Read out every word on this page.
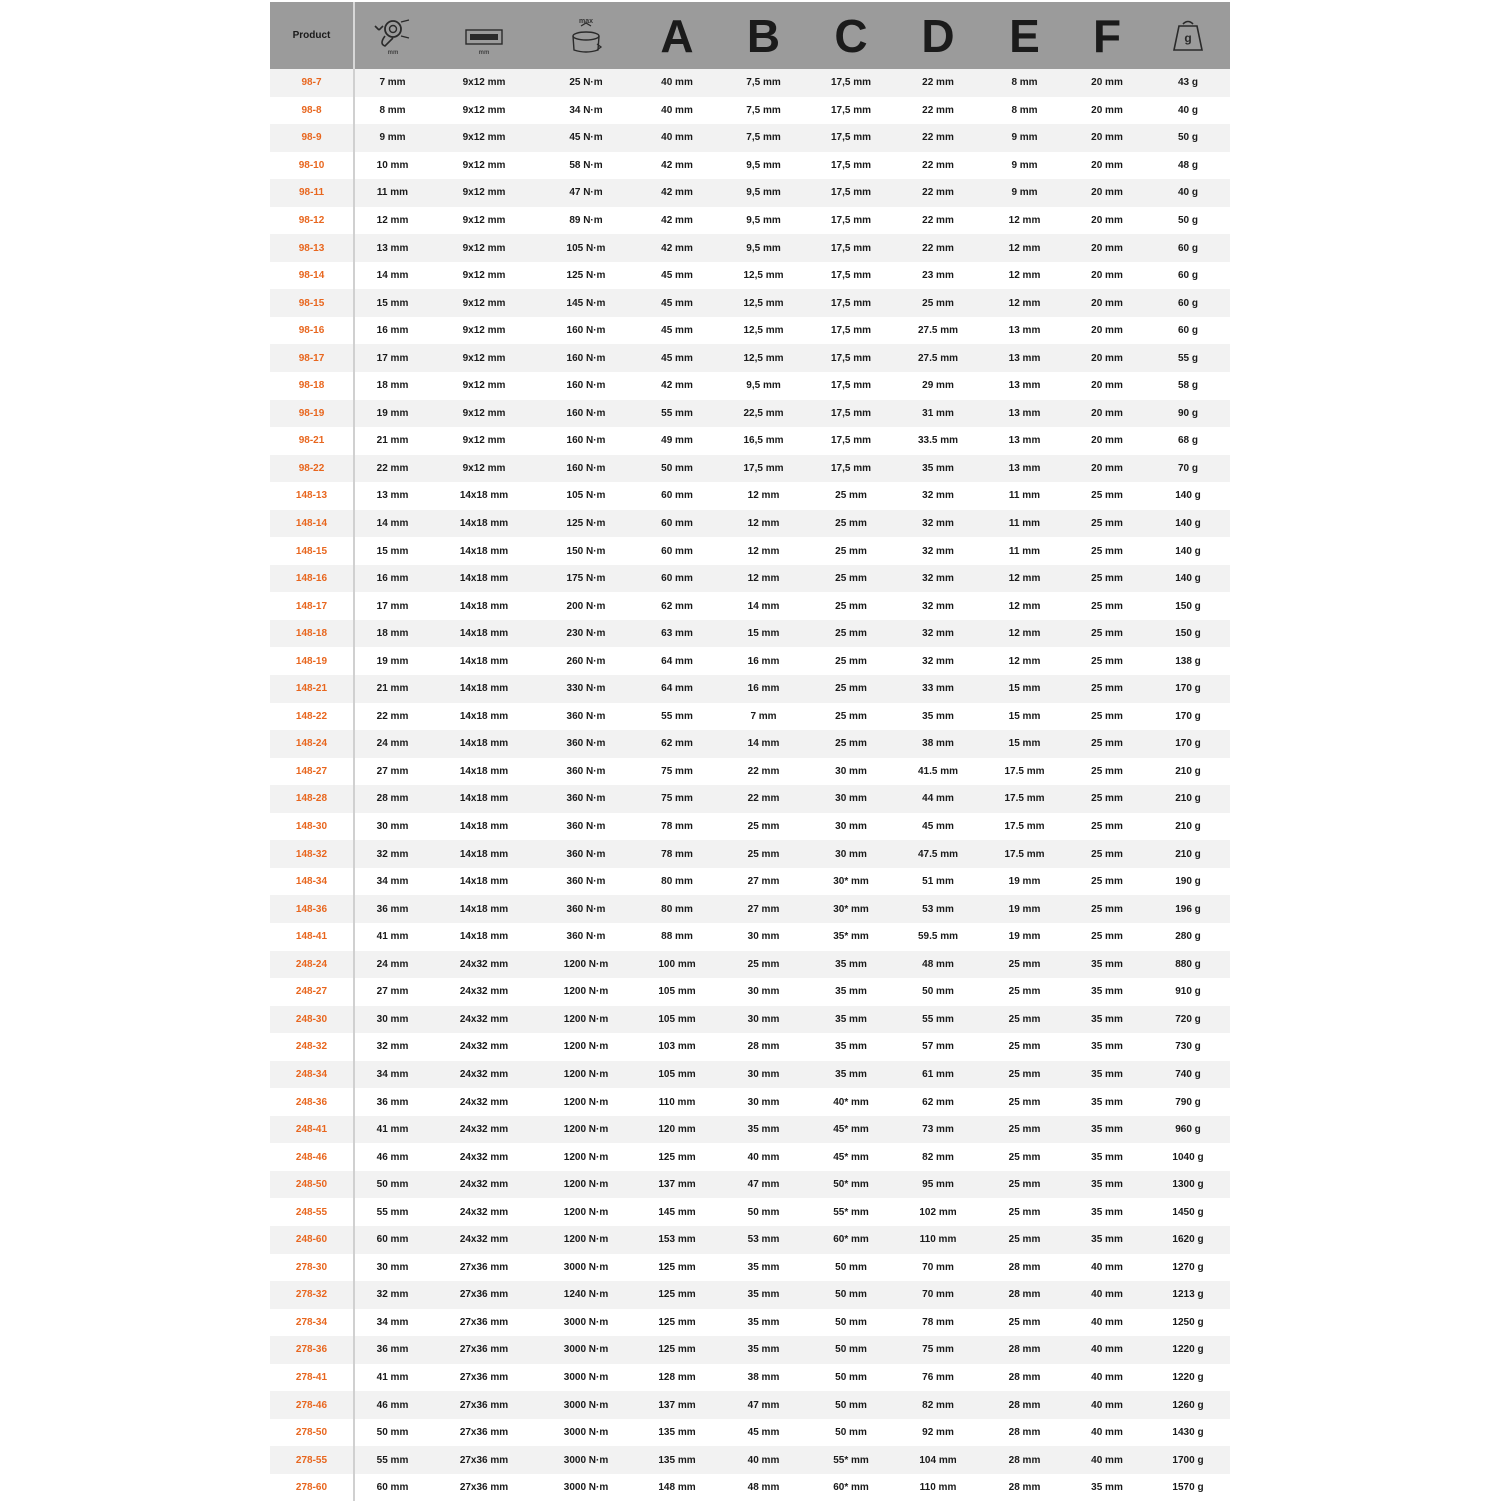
Product	mm	mm	max	A	B	C	D	E	F	g

98-7	7 mm	9x12 mm	25 N·m	40 mm	7,5 mm	17,5 mm	22 mm	8 mm	20 mm	43 g
98-8	8 mm	9x12 mm	34 N·m	40 mm	7,5 mm	17,5 mm	22 mm	8 mm	20 mm	40 g
98-9	9 mm	9x12 mm	45 N·m	40 mm	7,5 mm	17,5 mm	22 mm	9 mm	20 mm	50 g
98-10	10 mm	9x12 mm	58 N·m	42 mm	9,5 mm	17,5 mm	22 mm	9 mm	20 mm	48 g
98-11	11 mm	9x12 mm	47 N·m	42 mm	9,5 mm	17,5 mm	22 mm	9 mm	20 mm	40 g
98-12	12 mm	9x12 mm	89 N·m	42 mm	9,5 mm	17,5 mm	22 mm	12 mm	20 mm	50 g
98-13	13 mm	9x12 mm	105 N·m	42 mm	9,5 mm	17,5 mm	22 mm	12 mm	20 mm	60 g
98-14	14 mm	9x12 mm	125 N·m	45 mm	12,5 mm	17,5 mm	23 mm	12 mm	20 mm	60 g
98-15	15 mm	9x12 mm	145 N·m	45 mm	12,5 mm	17,5 mm	25 mm	12 mm	20 mm	60 g
98-16	16 mm	9x12 mm	160 N·m	45 mm	12,5 mm	17,5 mm	27.5 mm	13 mm	20 mm	60 g
98-17	17 mm	9x12 mm	160 N·m	45 mm	12,5 mm	17,5 mm	27.5 mm	13 mm	20 mm	55 g
98-18	18 mm	9x12 mm	160 N·m	42 mm	9,5 mm	17,5 mm	29 mm	13 mm	20 mm	58 g
98-19	19 mm	9x12 mm	160 N·m	55 mm	22,5 mm	17,5 mm	31 mm	13 mm	20 mm	90 g
98-21	21 mm	9x12 mm	160 N·m	49 mm	16,5 mm	17,5 mm	33.5 mm	13 mm	20 mm	68 g
98-22	22 mm	9x12 mm	160 N·m	50 mm	17,5 mm	17,5 mm	35 mm	13 mm	20 mm	70 g
148-13	13 mm	14x18 mm	105 N·m	60 mm	12 mm	25 mm	32 mm	11 mm	25 mm	140 g
148-14	14 mm	14x18 mm	125 N·m	60 mm	12 mm	25 mm	32 mm	11 mm	25 mm	140 g
148-15	15 mm	14x18 mm	150 N·m	60 mm	12 mm	25 mm	32 mm	11 mm	25 mm	140 g
148-16	16 mm	14x18 mm	175 N·m	60 mm	12 mm	25 mm	32 mm	12 mm	25 mm	140 g
148-17	17 mm	14x18 mm	200 N·m	62 mm	14 mm	25 mm	32 mm	12 mm	25 mm	150 g
148-18	18 mm	14x18 mm	230 N·m	63 mm	15 mm	25 mm	32 mm	12 mm	25 mm	150 g
148-19	19 mm	14x18 mm	260 N·m	64 mm	16 mm	25 mm	32 mm	12 mm	25 mm	138 g
148-21	21 mm	14x18 mm	330 N·m	64 mm	16 mm	25 mm	33 mm	15 mm	25 mm	170 g
148-22	22 mm	14x18 mm	360 N·m	55 mm	7 mm	25 mm	35 mm	15 mm	25 mm	170 g
148-24	24 mm	14x18 mm	360 N·m	62 mm	14 mm	25 mm	38 mm	15 mm	25 mm	170 g
148-27	27 mm	14x18 mm	360 N·m	75 mm	22 mm	30 mm	41.5 mm	17.5 mm	25 mm	210 g
148-28	28 mm	14x18 mm	360 N·m	75 mm	22 mm	30 mm	44 mm	17.5 mm	25 mm	210 g
148-30	30 mm	14x18 mm	360 N·m	78 mm	25 mm	30 mm	45 mm	17.5 mm	25 mm	210 g
148-32	32 mm	14x18 mm	360 N·m	78 mm	25 mm	30 mm	47.5 mm	17.5 mm	25 mm	210 g
148-34	34 mm	14x18 mm	360 N·m	80 mm	27 mm	30* mm	51 mm	19 mm	25 mm	190 g
148-36	36 mm	14x18 mm	360 N·m	80 mm	27 mm	30* mm	53 mm	19 mm	25 mm	196 g
148-41	41 mm	14x18 mm	360 N·m	88 mm	30 mm	35* mm	59.5 mm	19 mm	25 mm	280 g
248-24	24 mm	24x32 mm	1200 N·m	100 mm	25 mm	35 mm	48 mm	25 mm	35 mm	880 g
248-27	27 mm	24x32 mm	1200 N·m	105 mm	30 mm	35 mm	50 mm	25 mm	35 mm	910 g
248-30	30 mm	24x32 mm	1200 N·m	105 mm	30 mm	35 mm	55 mm	25 mm	35 mm	720 g
248-32	32 mm	24x32 mm	1200 N·m	103 mm	28 mm	35 mm	57 mm	25 mm	35 mm	730 g
248-34	34 mm	24x32 mm	1200 N·m	105 mm	30 mm	35 mm	61 mm	25 mm	35 mm	740 g
248-36	36 mm	24x32 mm	1200 N·m	110 mm	30 mm	40* mm	62 mm	25 mm	35 mm	790 g
248-41	41 mm	24x32 mm	1200 N·m	120 mm	35 mm	45* mm	73 mm	25 mm	35 mm	960 g
248-46	46 mm	24x32 mm	1200 N·m	125 mm	40 mm	45* mm	82 mm	25 mm	35 mm	1040 g
248-50	50 mm	24x32 mm	1200 N·m	137 mm	47 mm	50* mm	95 mm	25 mm	35 mm	1300 g
248-55	55 mm	24x32 mm	1200 N·m	145 mm	50 mm	55* mm	102 mm	25 mm	35 mm	1450 g
248-60	60 mm	24x32 mm	1200 N·m	153 mm	53 mm	60* mm	110 mm	25 mm	35 mm	1620 g
278-30	30 mm	27x36 mm	3000 N·m	125 mm	35 mm	50 mm	70 mm	28 mm	40 mm	1270 g
278-32	32 mm	27x36 mm	1240 N·m	125 mm	35 mm	50 mm	70 mm	28 mm	40 mm	1213 g
278-34	34 mm	27x36 mm	3000 N·m	125 mm	35 mm	50 mm	78 mm	25 mm	40 mm	1250 g
278-36	36 mm	27x36 mm	3000 N·m	125 mm	35 mm	50 mm	75 mm	28 mm	40 mm	1220 g
278-41	41 mm	27x36 mm	3000 N·m	128 mm	38 mm	50 mm	76 mm	28 mm	40 mm	1220 g
278-46	46 mm	27x36 mm	3000 N·m	137 mm	47 mm	50 mm	82 mm	28 mm	40 mm	1260 g
278-50	50 mm	27x36 mm	3000 N·m	135 mm	45 mm	50 mm	92 mm	28 mm	40 mm	1430 g
278-55	55 mm	27x36 mm	3000 N·m	135 mm	40 mm	55* mm	104 mm	28 mm	40 mm	1700 g
278-60	60 mm	27x36 mm	3000 N·m	148 mm	48 mm	60* mm	110 mm	28 mm	35 mm	1570 g
